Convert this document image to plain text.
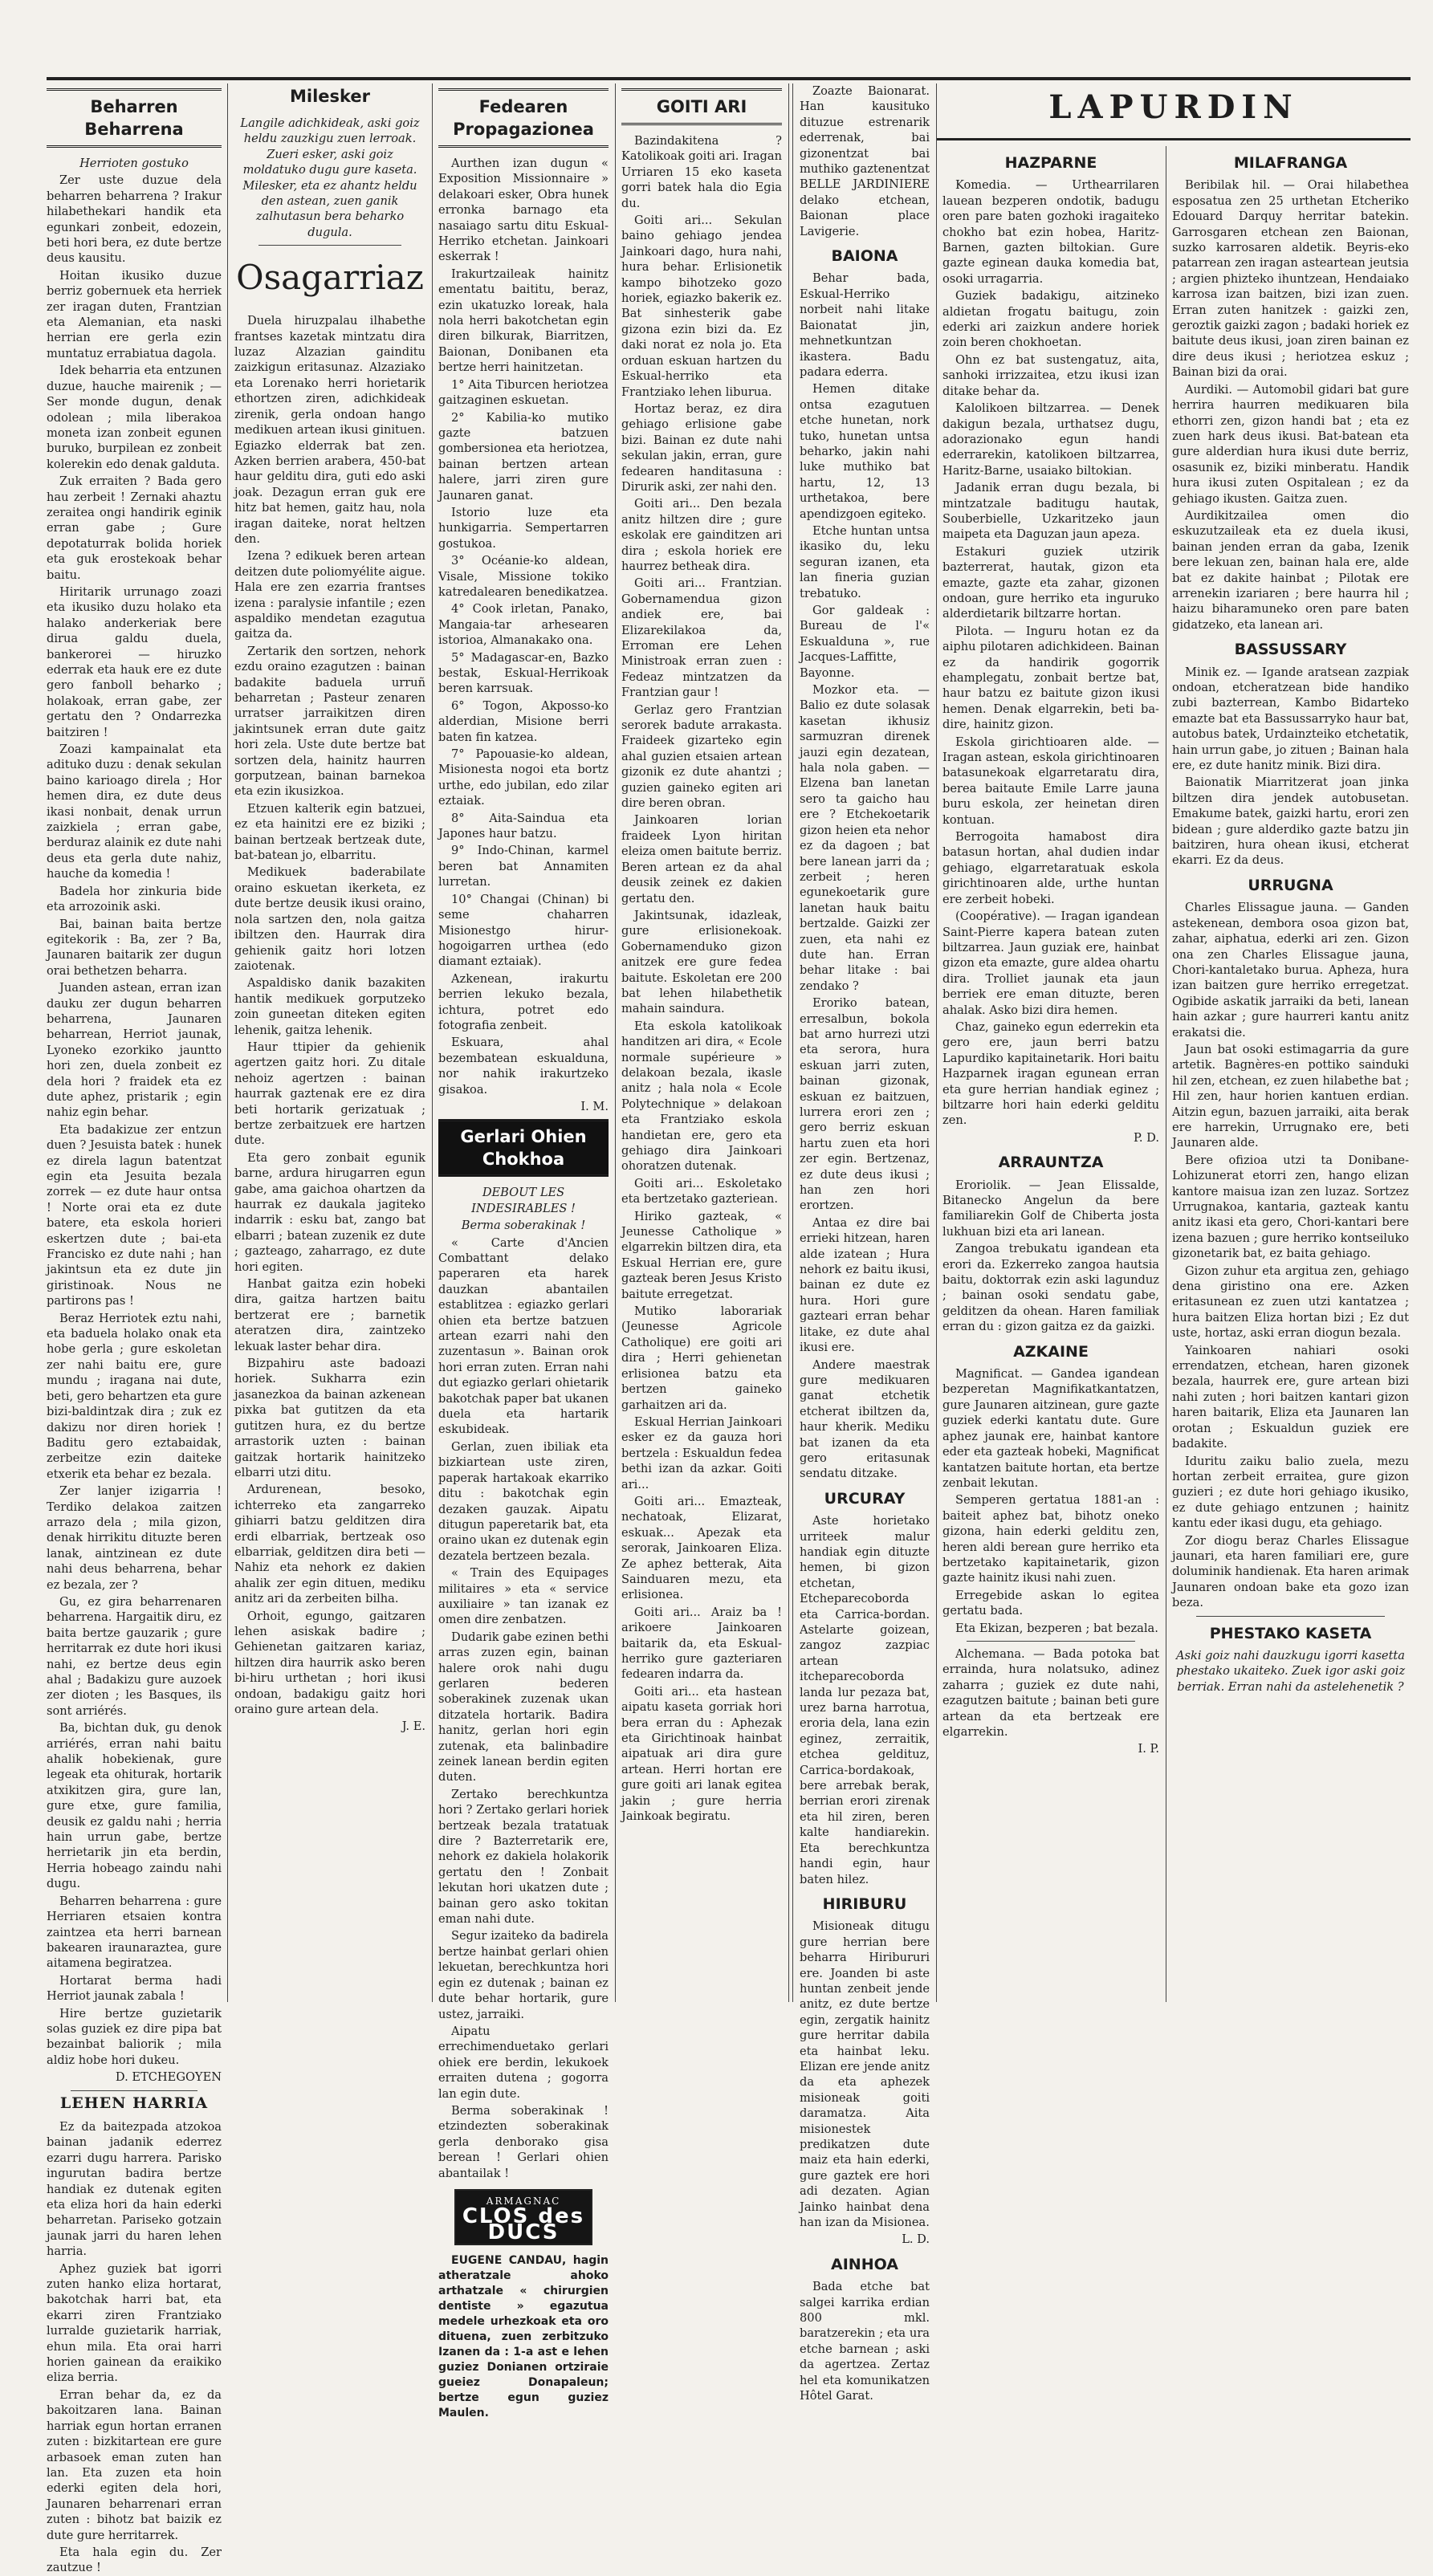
Beharren Beharrena

Herrioten gostuko

Zer uste duzue dela beharren beharrena ? Irakur hilabethekari handik eta egunkari zonbeit, edozein, beti hori bera, ez dute bertze deus kausitu.

Hoitan ikusiko duzue berriz gobernuek eta herriek zer iragan duten, Frantzian eta Alemanian, eta naski herrian ere gerla ezin muntatuz errabiatua dagola.

Idek beharria eta entzunen duzue, hauche mairenik ; — Ser monde dugun, denak odolean ; mila liberakoa moneta izan zonbeit egunen buruko, burpilean ez zonbeit kolerekin edo denak galduta.

Zuk erraiten ? Bada gero hau zerbeit ! Zernaki ahaztu zeraitea ongi handirik eginik erran gabe ; Gure depotaturrak bolida horiek eta guk erostekoak behar baitu.

Hiritarik urrunago zoazi eta ikusiko duzu holako eta halako anderkeriak bere dirua galdu duela, bankerorei — hiruzko ederrak eta hauk ere ez dute gero fanboll beharko ; holakoak, erran gabe, zer gertatu den ? Ondarrezka baitziren !

Zoazi kampainalat eta adituko duzu : denak sekulan baino karioago direla ; Hor hemen dira, ez dute deus ikasi nonbait, denak urrun zaizkiela ; erran gabe, berduraz alainik ez dute nahi deus eta gerla dute nahiz, hauche da komedia !

Badela hor zinkuria bide eta arrozoinik aski.

Bai, bainan baita bertze egitekorik : Ba, zer ? Ba, Jaunaren baitarik zer dugun orai bethetzen beharra.

Juanden astean, erran izan dauku zer dugun beharren beharrena, Jaunaren beharrean, Herriot jaunak, Lyoneko ezorkiko jauntto hori zen, duela zonbeit ez dela hori ? fraidek eta ez dute aphez, pristarik ; egin nahiz egin behar.

Eta badakizue zer entzun duen ? Jesuista batek : hunek ez direla lagun batentzat egin eta Jesuita bezala zorrek — ez dute haur ontsa ! Norte orai eta ez dute batere, eta eskola horieri eskertzen dute ; bai-eta Francisko ez dute nahi ; han jakintsun eta ez dute jin giristinoak. Nous ne partirons pas !

Beraz Herriotek eztu nahi, eta baduela holako onak eta hobe gerla ; gure eskoletan zer nahi baitu ere, gure mundu ; iragana nai dute, beti, gero behartzen eta gure bizi-baldintzak dira ; zuk ez dakizu nor diren horiek ! Baditu gero eztabaidak, zerbeitze ezin daiteke etxerik eta behar ez bezala.

Zer lanjer izigarria ! Terdiko delakoa zaitzen arrazo dela ; mila gizon, denak hirrikitu dituzte beren lanak, aintzinean ez dute nahi deus beharrena, behar ez bezala, zer ?

Gu, ez gira beharrenaren beharrena. Hargaitik diru, ez baita bertze gauzarik ; gure herritarrak ez dute hori ikusi nahi, ez bertze deus egin ahal ; Badakizu gure auzoek zer dioten ; les Basques, ils sont arriérés.

Ba, bichtan duk, gu denok arriérés, erran nahi baitu ahalik hobekienak, gure legeak eta ohiturak, hortarik atxikitzen gira, gure lan, gure etxe, gure familia, deusik ez galdu nahi ; herria hain urrun gabe, bertze herrietarik jin eta berdin, Herria hobeago zaindu nahi dugu.

Beharren beharrena : gure Herriaren etsaien kontra zaintzea eta herri barnean bakearen iraunaraztea, gure aitamena begiratzea.

Hortarat berma hadi Herriot jaunak zabala !

Hire bertze guzietarik solas guziek ez dire pipa bat bezainbat baliorik ; mila aldiz hobe hori dukeu.

D. ETCHEGOYEN

LEHEN HARRIA

Ez da baitezpada atzokoa bainan jadanik ederrez ezarri dugu harrera. Parisko ingurutan badira bertze handiak ez dutenak egiten eta eliza hori da hain ederki beharretan. Pariseko gotzain jaunak jarri du haren lehen harria.

Aphez guziek bat igorri zuten hanko eliza hortarat, bakotchak harri bat, eta ekarri ziren Frantziako lurralde guzietarik harriak, ehun mila. Eta orai harri horien gainean da eraikiko eliza berria.

Erran behar da, ez da bakoitzaren lana. Bainan harriak egun hortan erranen zuten : bizkitartean ere gure arbasoek eman zuten han lan. Eta zuzen eta hoin ederki egiten dela hori, Jaunaren beharrenari erran zuten : bihotz bat baizik ez dute gure herritarrek.

Eta hala egin du. Zer zautzue !

Milesker

Langile adichkideak, aski goiz heldu zauzkigu zuen lerroak. Zueri esker, aski goiz moldatuko dugu gure kaseta. Milesker, eta ez ahantz heldu den astean, zuen ganik zalhutasun bera beharko dugula.

Osagarriaz

Duela hiruzpalau ilhabethe frantses kazetak mintzatu dira luzaz Alzazian gainditu zaizkigun eritasunaz. Alzaziako eta Lorenako herri horietarik ethortzen ziren, adichkideak zirenik, gerla ondoan hango medikuen artean ikusi ginituen. Egiazko elderrak bat zen. Azken berrien arabera, 450-bat haur gelditu dira, guti edo aski joak. Dezagun erran guk ere hitz bat hemen, gaitz hau, nola iragan daiteke, norat heltzen den.

Izena ? edikuek beren artean deitzen dute poliomyélite aigue. Hala ere zen ezarria frantses izena : paralysie infantile ; ezen aspaldiko mendetan ezagutua gaitza da.

Zertarik den sortzen, nehork ezdu oraino ezagutzen : bainan badakite baduela urruñ beharretan ; Pasteur zenaren urratser jarraikitzen diren jakintsunek erran dute gaitz hori zela. Uste dute bertze bat sortzen dela, hainitz haurren gorputzean, bainan barnekoa eta ezin ikusizkoa.

Etzuen kalterik egin batzuei, ez eta hainitzi ere ez biziki ; bainan bertzeak bertzeak dute, bat-batean jo, elbarritu.

Medikuek baderabilate oraino eskuetan ikerketa, ez dute bertze deusik ikusi oraino, nola sartzen den, nola gaitza ibiltzen den. Haurrak dira gehienik gaitz hori lotzen zaiotenak.

Aspaldisko danik bazakiten hantik medikuek gorputzeko zoin guneetan diteken egiten lehenik, gaitza lehenik.

Haur ttipier da gehienik agertzen gaitz hori. Zu ditale nehoiz agertzen : bainan haurrak gaztenak ere ez dira beti hortarik gerizatuak ; bertze zerbaitzuek ere hartzen dute.

Eta gero zonbait egunik barne, ardura hirugarren egun gabe, ama gaichoa ohartzen da haurrak ez daukala jagiteko indarrik : esku bat, zango bat elbarri ; batean zuzenik ez dute ; gazteago, zaharrago, ez dute hori egiten.

Hanbat gaitza ezin hobeki dira, gaitza hartzen baitu bertzerat ere ; barnetik ateratzen dira, zaintzeko lekuak laster behar dira.

Bizpahiru aste badoazi horiek. Sukharra ezin jasanezkoa da bainan azkenean pixka bat gutitzen da eta gutitzen hura, ez du bertze arrastorik uzten : bainan gaitzak hortarik hainitzeko elbarri utzi ditu.

Ardurenean, besoko, ichterreko eta zangarreko gihiarri batzu gelditzen dira erdi elbarriak, bertzeak oso elbarriak, gelditzen dira beti — Nahiz eta nehork ez dakien ahalik zer egin dituen, mediku anitz ari da zerbeiten bilha.

Orhoit, egungo, gaitzaren lehen asiskak badire ; Gehienetan gaitzaren kariaz, hiltzen dira haurrik asko beren bi-hiru urthetan ; hori ikusi ondoan, badakigu gaitz hori oraino gure artean dela.

J. E.

Fedearen Propagazionea

Aurthen izan dugun « Exposition Missionnaire » delakoari esker, Obra hunek erronka barnago eta nasaiago sartu ditu Eskual-Herriko etchetan. Jainkoari eskerrak !

Irakurtzaileak hainitz ementatu baititu, beraz, ezin ukatuzko loreak, hala nola herri bakotchetan egin diren bilkurak, Biarritzen, Baionan, Donibanen eta bertze herri hainitzetan.

1° Aita Tiburcen heriotzea gaitzaginen eskuetan.

2° Kabilia-ko mutiko gazte batzuen gombersionea eta heriotzea, bainan bertzen artean halere, jarri ziren gure Jaunaren ganat.

Istorio luze eta hunkigarria. Sempertarren gostukoa.

3° Océanie-ko aldean, Visale, Missione tokiko katredalearen benedikatzea.

4° Cook irletan, Panako, Mangaia-tar arhesearen istorioa, Almanakako ona.

5° Madagascar-en, Bazko bestak, Eskual-Herrikoak beren karrsuak.

6° Togon, Akposso-ko alderdian, Misione berri baten fin katzea.

7° Papouasie-ko aldean, Misionesta nogoi eta bortz urthe, edo jubilan, edo zilar eztaiak.

8° Aita-Saindua eta Japones haur batzu.

9° Indo-Chinan, karmel beren bat Annamiten lurretan.

10° Changai (Chinan) bi seme chaharren Misionestgo hirur-hogoigarren urthea (edo diamant eztaiak).

Azkenean, irakurtu berrien lekuko bezala, ichtura, potret edo fotografia zenbeit.

Eskuara, ahal bezembatean eskualduna, nor nahik irakurtzeko gisakoa.

I. M.

Gerlari Ohien Chokhoa

DEBOUT LES INDESIRABLES !

Berma soberakinak !

« Carte d'Ancien Combattant delako paperaren eta harek dauzkan abantailen establitzea : egiazko gerlari ohien eta bertze batzuen artean ezarri nahi den zuzentasun ». Bainan orok hori erran zuten. Erran nahi dut egiazko gerlari ohietarik bakotchak paper bat ukanen duela eta hartarik eskubideak.

Gerlan, zuen ibiliak eta bizkiartean uste ziren, paperak hartakoak ekarriko ditu : bakotchak egin dezaken gauzak. Aipatu ditugun paperetarik bat, eta oraino ukan ez dutenak egin dezatela bertzeen bezala.

« Train des Equipages militaires » eta « service auxiliaire » tan izanak ez omen dire zenbatzen.

Dudarik gabe ezinen bethi arras zuzen egin, bainan halere orok nahi dugu gerlaren bederen soberakinek zuzenak ukan ditzatela hortarik. Badira hanitz, gerlan hori egin zutenak, eta balinbadire zeinek lanean berdin egiten duten.

Zertako berechkuntza hori ? Zertako gerlari horiek bertzeak bezala tratatuak dire ? Bazterretarik ere, nehork ez dakiela holakorik gertatu den ! Zonbait lekutan hori ukatzen dute ; bainan gero asko tokitan eman nahi dute.

Segur izaiteko da badirela bertze hainbat gerlari ohien lekuetan, berechkuntza hori egin ez dutenak ; bainan ez dute behar hortarik, gure ustez, jarraiki.

Aipatu errechimenduetako gerlari ohiek ere berdin, lekukoek erraiten dutena ; gogorra lan egin dute.

Berma soberakinak ! etzindezten soberakinak gerla denborako gisa berean ! Gerlari ohien abantailak !

ARMAGNAC
CLOS des DUCS

EUGENE CANDAU, hagin atheratzale ahoko arthatzale « chirurgien dentiste » egazutua medele urhezkoak eta oro dituena, zuen zerbitzuko Izanen da : 1-a ast e lehen guziez Donianen ortziraie gueiez Donapaleun; bertze egun guziez Maulen.

GOITI ARI

Bazindakitena ? Katolikoak goiti ari. Iragan Urriaren 15 eko kaseta gorri batek hala dio Egia du.

Goiti ari... Sekulan baino gehiago jendea Jainkoari dago, hura nahi, hura behar. Erlisionetik kampo bihotzeko gozo horiek, egiazko bakerik ez. Bat sinhesterik gabe gizona ezin bizi da. Ez daki norat ez nola jo. Eta orduan eskuan hartzen du Eskual-herriko eta Frantziako lehen liburua.

Hortaz beraz, ez dira gehiago erlisione gabe bizi. Bainan ez dute nahi sekulan jakin, erran, gure fedearen handitasuna : Dirurik aski, zer nahi den.

Goiti ari... Den bezala anitz hiltzen dire ; gure eskolak ere gainditzen ari dira ; eskola horiek ere haurrez betheak dira.

Goiti ari... Frantzian. Gobernamendua gizon andiek ere, bai Elizarekilakoa da, Erroman ere Lehen Ministroak erran zuen : Fedeaz mintzatzen da Frantzian gaur !

Gerlaz gero Frantzian serorek badute arrakasta. Fraideek gizarteko egin ahal guzien etsaien artean gizonik ez dute ahantzi ; guzien gaineko egiten ari dire beren obran.

Jainkoaren lorian fraideek Lyon hiritan eleiza omen baitute berriz. Beren artean ez da ahal deusik zeinek ez dakien gertatu den.

Jakintsunak, idazleak, gure erlisionekoak. Gobernamenduko gizon anitzek ere gure fedea baitute. Eskoletan ere 200 bat lehen hilabethetik mahain saindura.

Eta eskola katolikoak handitzen ari dira, « Ecole normale supérieure » delakoan bezala, ikasle anitz ; hala nola « Ecole Polytechnique » delakoan eta Frantziako eskola handietan ere, gero eta gehiago dira Jainkoari ohoratzen dutenak.

Goiti ari... Eskoletako eta bertzetako gazteriean.

Hiriko gazteak, « Jeunesse Catholique » elgarrekin biltzen dira, eta Eskual Herrian ere, gure gazteak beren Jesus Kristo baitute erregetzat.

Mutiko laborariak (Jeunesse Agricole Catholique) ere goiti ari dira ; Herri gehienetan erlisionea batzu eta bertzen gaineko garhaitzen ari da.

Eskual Herrian Jainkoari esker ez da gauza hori bertzela : Eskualdun fedea bethi izan da azkar. Goiti ari...

Goiti ari... Emazteak, nechatoak, Elizarat, eskuak... Apezak eta serorak, Jainkoaren Eliza. Ze aphez betterak, Aita Sainduaren mezu, eta erlisionea.

Goiti ari... Araiz ba ! arikoere Jainkoaren baitarik da, eta Eskual-herriko gure gazteriaren fedearen indarra da.

Goiti ari... eta hastean aipatu kaseta gorriak hori bera erran du : Aphezak eta Girichtinoak hainbat aipatuak ari dira gure artean. Herri hortan ere gure goiti ari lanak egitea jakin ; gure herria Jainkoak begiratu.

Zoazte Baionarat. Han kausituko dituzue estrenarik ederrenak, bai gizonentzat bai muthiko gaztenentzat BELLE JARDINIERE delako etchean, Baionan place Lavigerie.

BAIONA

Behar bada, Eskual-Herriko norbeit nahi litake Baionatat jin, mehnetkuntzan ikastera. Badu padara ederra.

Hemen ditake ontsa ezagutuen etche hunetan, nork tuko, hunetan untsa beharko, jakin nahi luke muthiko bat hartu, 12, 13 urthetakoa, bere apendizgoen egiteko.

Etche huntan untsa ikasiko du, leku seguran izanen, eta lan fineria guzian trebatuko.

Gor galdeak : Bureau de l'« Eskualduna », rue Jacques-Laffitte, Bayonne.

Mozkor eta. — Balio ez dute solasak kasetan ikhusiz sarmuzran direnek jauzi egin dezatean, hala nola gaben. — Elzena ban lanetan sero ta gaicho hau ere ? Etchekoetarik gizon heien eta nehor ez da dagoen ; bat bere lanean jarri da ; zerbeit ; heren egunekoetarik gure lanetan hauk baitu bertzalde. Gaizki zer zuen, eta nahi ez dute han. Erran behar litake : bai zendako ?

Eroriko batean, erresalbun, bokola bat arno hurrezi utzi eta serora, hura eskuan jarri zuten, bainan gizonak, eskuan ez baitzuen, lurrera erori zen ; gero berriz eskuan hartu zuen eta hori zer egin. Bertzenaz, ez dute deus ikusi ; han zen hori erortzen.

Antaa ez dire bai errieki hitzean, haren alde izatean ; Hura nehork ez baitu ikusi, bainan ez dute ez hura. Hori gure gazteari erran behar litake, ez dute ahal ikusi ere.

Andere maestrak gure medikuaren ganat etchetik etcherat ibiltzen da, haur kherik. Mediku bat izanen da eta gero eritasunak sendatu ditzake.

URCURAY

Aste horietako urriteek malur handiak egin dituzte hemen, bi gizon etchetan, Etcheparecoborda eta Carrica-bordan. Astelarte goizean, zangoz zazpiac artean itcheparecoborda landa lur pezaza bat, urez barna harrotua, eroria dela, lana ezin eginez, zerraitik, etchea geldituz, Carrica-bordakoak, bere arrebak berak, berrian erori zirenak eta hil ziren, beren kalte handiarekin. Eta berechkuntza handi egin, haur baten hilez.

HIRIBURU

Misioneak ditugu gure herrian bere beharra Hiribururi ere. Joanden bi aste huntan zenbeit jende anitz, ez dute bertze egin, zergatik hainitz gure herritar dabila eta hainbat leku. Elizan ere jende anitz da eta aphezek misioneak goiti daramatza. Aita misionestek predikatzen dute maiz eta hain ederki, gure gaztek ere hori adi dezaten. Agian Jainko hainbat dena han izan da Misionea.

L. D.

AINHOA

Bada etche bat salgei karrika erdian 800 mkl. baratzerekin ; eta ura etche barnean ; aski da agertzea. Zertaz hel eta komunikatzen Hôtel Garat.

LAPURDIN
HAZPARNE

Komedia. — Urthearrilaren lauean bezperen ondotik, badugu oren pare baten gozhoki iragaiteko chokho bat ezin hobea, Haritz-Barnen, gazten biltokian. Gure gazte eginean dauka komedia bat, osoki urragarria.

Guziek badakigu, aitzineko aldietan frogatu baitugu, zoin ederki ari zaizkun andere horiek zoin beren chokhoetan.

Ohn ez bat sustengatuz, aita, sanhoki irrizzaitea, etzu ikusi izan ditake behar da.

Kalolikoen biltzarrea. — Denek dakigun bezala, urthatsez dugu, adorazionako egun handi ederrarekin, katolikoen biltzarrea, Haritz-Barne, usaiako biltokian.

Jadanik erran dugu bezala, bi mintzatzale baditugu hautak, Souberbielle, Uzkaritzeko jaun maipeta eta Daguzan jaun apeza.

Estakuri guziek utzirik bazterrerat, hautak, gizon eta emazte, gazte eta zahar, gizonen ondoan, gure herriko eta inguruko alderdietarik biltzarre hortan.

Pilota. — Inguru hotan ez da aiphu pilotaren adichkideen. Bainan ez da handirik gogorrik ehamplegatu, zonbait bertze bat, haur batzu ez baitute gizon ikusi hemen. Denak elgarrekin, beti ba-dire, hainitz gizon.

Eskola girichtioaren alde. — Iragan astean, eskola girichtinoaren batasunekoak elgarretaratu dira, berea baitaute Emile Larre jauna buru eskola, zer heinetan diren kontuan.

Berrogoita hamabost dira batasun hortan, ahal dudien indar gehiago, elgarretaratuak eskola girichtinoaren alde, urthe huntan ere zerbeit hobeki.

(Coopérative). — Iragan igandean Saint-Pierre kapera batean zuten biltzarrea. Jaun guziak ere, hainbat gizon eta emazte, gure aldea ohartu dira. Trolliet jaunak eta jaun berriek ere eman dituzte, beren ahalak. Asko bizi dira hemen.

Chaz, gaineko egun ederrekin eta gero ere, jaun berri batzu Lapurdiko kapitainetarik. Hori baitu Hazparnek iragan egunean erran eta gure herrian handiak eginez ; biltzarre hori hain ederki gelditu zen.

P. D.

ARRAUNTZA

Eroriolik. — Jean Elissalde, Bitanecko Angelun da bere familiarekin Golf de Chiberta josta lukhuan bizi eta ari lanean.

Zangoa trebukatu igandean eta erori da. Ezkerreko zangoa hautsia baitu, doktorrak ezin aski lagunduz ; bainan osoki sendatu gabe, gelditzen da ohean. Haren familiak erran du : gizon gaitza ez da gaizki.

AZKAINE

Magnificat. — Gandea igandean bezperetan Magnifikatkantatzen, gure Jaunaren aitzinean, gure gazte guziek ederki kantatu dute. Gure aphez jaunak ere, hainbat kantore eder eta gazteak hobeki, Magnificat kantatzen baitute hortan, eta bertze zenbait lekutan.

Semperen gertatua 1881-an : baiteit aphez bat, bihotz oneko gizona, hain ederki gelditu zen, heren aldi berean gure herriko eta bertzetako kapitainetarik, gizon gazte hainitz ikusi nahi zuen.

Erregebide askan lo egitea gertatu bada.

Eta Ekizan, bezperen ; bat bezala.

Alchemana. — Bada potoka bat errainda, hura nolatsuko, adinez zaharra ; guziek ez dute nahi, ezagutzen baitute ; bainan beti gure artean da eta bertzeak ere elgarrekin.

I. P.

MILAFRANGA

Beribilak hil. — Orai hilabethea esposatua zen 25 urthetan Etcheriko Edouard Darquy herritar batekin. Garrosgaren etchean zen Baionan, suzko karrosaren aldetik. Beyris-eko patarrean zen iragan asteartean jeutsia ; argien phizteko ihuntzean, Hendaiako karrosa izan baitzen, bizi izan zuen. Erran zuten hanitzek : gaizki zen, geroztik gaizki zagon ; badaki horiek ez baitute deus ikusi, joan ziren bainan ez dire deus ikusi ; heriotzea eskuz ; Bainan bizi da orai.

Aurdiki. — Automobil gidari bat gure herrira haurren medikuaren bila ethorri zen, gizon handi bat ; eta ez zuen hark deus ikusi. Bat-batean eta gure alderdian hura ikusi dute berriz, osasunik ez, biziki minberatu. Handik hura ikusi zuten Ospitalean ; ez da gehiago ikusten. Gaitza zuen.

Aurdikitzailea omen dio eskuzutzaileak eta ez duela ikusi, bainan jenden erran da gaba, Izenik bere lekuan zen, bainan hala ere, alde bat ez dakite hainbat ; Pilotak ere arrenekin izariaren ; bere haurra hil ; haizu biharamuneko oren pare baten gidatzeko, eta lanean ari.

BASSUSSARY

Minik ez. — Igande aratsean zazpiak ondoan, etcheratzean bide handiko zubi bazterrean, Kambo Bidarteko emazte bat eta Bassussarryko haur bat, autobus batek, Urdainzteiko etchetatik, hain urrun gabe, jo zituen ; Bainan hala ere, ez dute hanitz minik. Bizi dira.

Baionatik Miarritzerat joan jinka biltzen dira jendek autobusetan. Emakume batek, gaizki hartu, erori zen bidean ; gure alderdiko gazte batzu jin baitziren, hura ohean ikusi, etcherat ekarri. Ez da deus.

URRUGNA

Charles Elissague jauna. — Ganden astekenean, dembora osoa gizon bat, zahar, aiphatua, ederki ari zen. Gizon ona zen Charles Elissague jauna, Chori-kantaletako burua. Apheza, hura izan baitzen gure herriko erregetzat. Ogibide askatik jarraiki da beti, lanean hain azkar ; gure haurreri kantu anitz erakatsi die.

Jaun bat osoki estimagarria da gure artetik. Bagnères-en pottiko sainduki hil zen, etchean, ez zuen hilabethe bat ; Hil zen, haur horien kantuen erdian. Aitzin egun, bazuen jarraiki, aita berak ere harrekin, Urrugnako ere, beti Jaunaren alde.

Bere ofizioa utzi ta Donibane-Lohizunerat etorri zen, hango elizan kantore maisua izan zen luzaz. Sortzez Urrugnakoa, kantaria, gazteak kantu anitz ikasi eta gero, Chori-kantari bere izena bazuen ; gure herriko kontseiluko gizonetarik bat, ez baita gehiago.

Gizon zuhur eta argitua zen, gehiago dena giristino ona ere. Azken eritasunean ez zuen utzi kantatzea ; hura baitzen Eliza hortan bizi ; Ez dut uste, hortaz, aski erran diogun bezala.

Yainkoaren nahiari osoki errendatzen, etchean, haren gizonek bezala, haurrek ere, gure artean bizi nahi zuten ; hori baitzen kantari gizon haren baitarik, Eliza eta Jaunaren lan orotan ; Eskualdun guziek ere badakite.

Iduritu zaiku balio zuela, mezu hortan zerbeit erraitea, gure gizon guzieri ; ez dute hori gehiago ikusiko, ez dute gehiago entzunen ; hainitz kantu eder ikasi dugu, eta gehiago.

Zor diogu beraz Charles Elissague jaunari, eta haren familiari ere, gure doluminik handienak. Eta haren arimak Jaunaren ondoan bake eta gozo izan beza.

PHESTAKO KASETA

Aski goiz nahi dauzkugu igorri kasetta phestako ukaiteko. Zuek igor aski goiz berriak. Erran nahi da astelehenetik ?
